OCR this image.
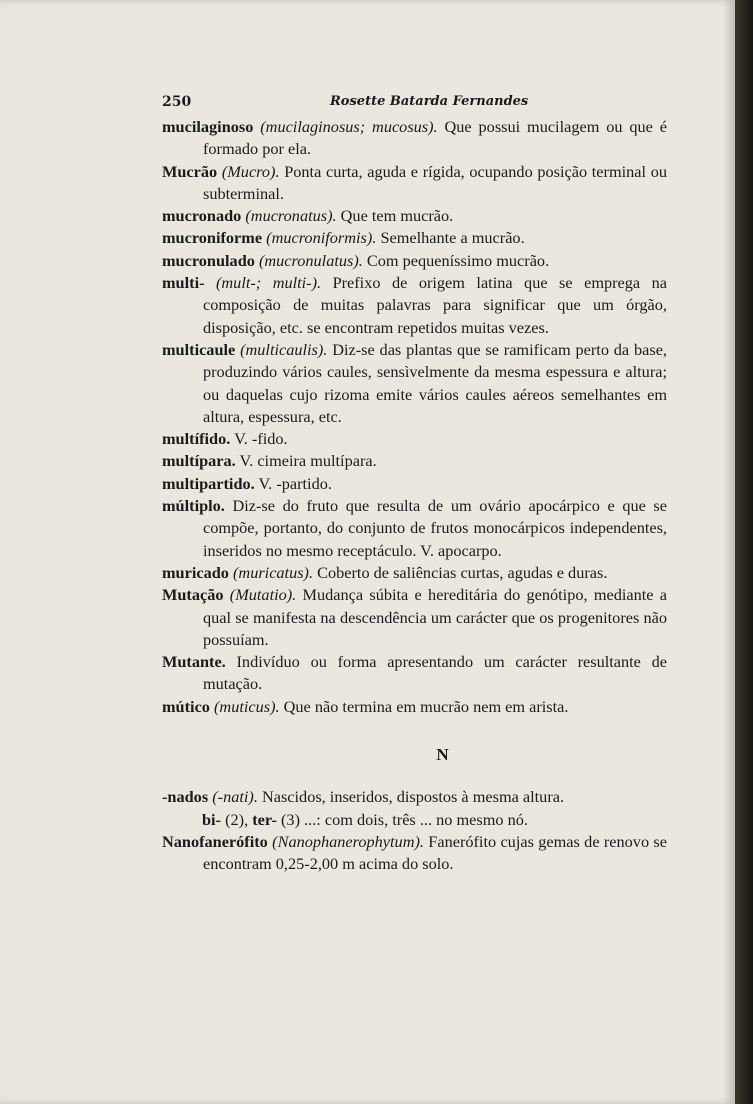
250	Rosette Batarda Fernandes

mucilaginoso (mucilaginosus; mucosus). Que possui mucilagem ou que é formado por ela.

Mucrão (Mucro). Ponta curta, aguda e rígida, ocupando posição terminal ou subterminal.

mucronado (mucronatus). Que tem mucrão.

mucroniforme (mucroniformis). Semelhante a mucrão.

mucronulado (mucronulatus). Com pequeníssimo mucrão.

multi- (mult-; multi-). Prefixo de origem latina que se emprega na composição de muitas palavras para significar que um órgão, disposição, etc. se encontram repetidos muitas vezes.

multicaule (multicaulis). Diz-se das plantas que se ramificam perto da base, produzindo vários caules, sensìvelmente da mesma espessura e altura; ou daquelas cujo rizoma emite vários caules aéreos semelhantes em altura, espessura, etc.

multífido. V. -fido.

multípara. V. cimeira multípara.

multipartido. V. -partido.

múltiplo. Diz-se do fruto que resulta de um ovário apocárpico e que se compõe, portanto, do conjunto de frutos monocárpicos independentes, inseridos no mesmo receptáculo. V. apocarpo.

muricado (muricatus). Coberto de saliências curtas, agudas e duras.

Mutação (Mutatio). Mudança súbita e hereditária do genótipo, mediante a qual se manifesta na descendência um carácter que os progenitores não possuíam.

Mutante. Indivíduo ou forma apresentando um carácter resultante de mutação.

mútico (muticus). Que não termina em mucrão nem em arista.

N

-nados (-nati). Nascidos, inseridos, dispostos à mesma altura.

bi- (2), ter- (3) ...: com dois, três ... no mesmo nó.

Nanofanerófito (Nanophanerophytum). Fanerófito cujas gemas de renovo se encontram 0,25-2,00 m acima do solo.
